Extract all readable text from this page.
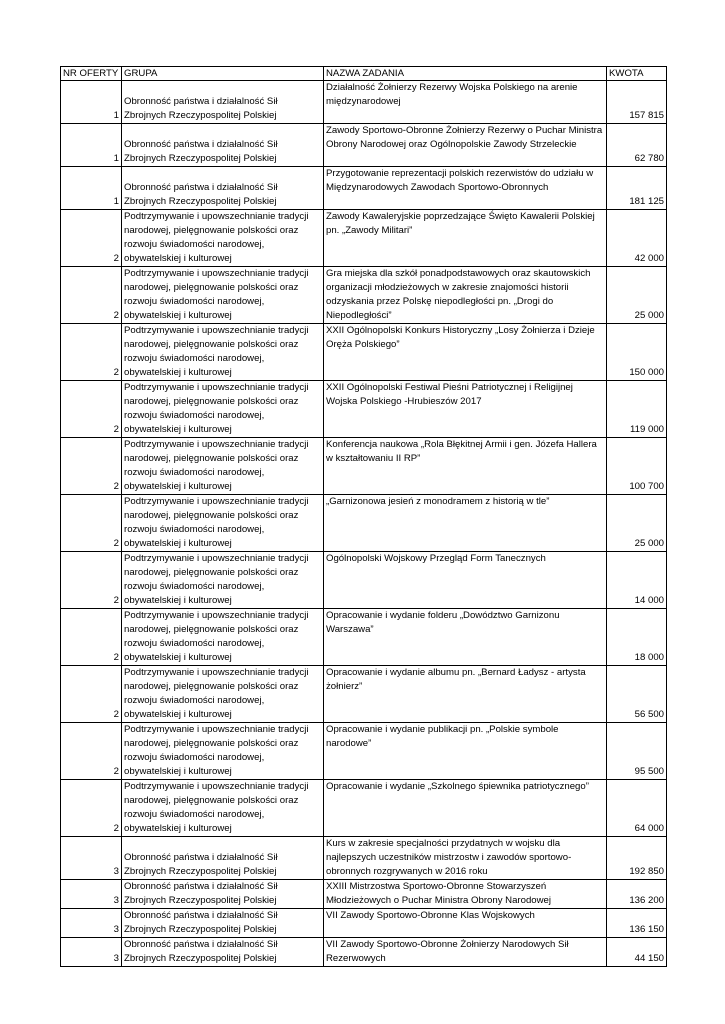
NR OFERTY	GRUPA	NAZWA ZADANIA	KWOTA

1	Obronność państwa i działalność Sił Zbrojnych Rzeczypospolitej Polskiej	Działalność Żołnierzy Rezerwy Wojska Polskiego na arenie międzynarodowej	157 815

1	Obronność państwa i działalność Sił Zbrojnych Rzeczypospolitej Polskiej	Zawody Sportowo-Obronne Żołnierzy Rezerwy o Puchar Ministra Obrony Narodowej oraz Ogólnopolskie Zawody Strzeleckie	62 780

1	Obronność państwa i działalność Sił Zbrojnych Rzeczypospolitej Polskiej	Przygotowanie reprezentacji polskich rezerwistów do udziału w Międzynarodowych Zawodach Sportowo-Obronnych	181 125

2	Podtrzymywanie i upowszechnianie tradycji narodowej, pielęgnowanie polskości oraz rozwoju świadomości narodowej, obywatelskiej i kulturowej	Zawody Kawaleryjskie poprzedzające Święto Kawalerii Polskiej pn. „Zawody Militari”	42 000

2	Podtrzymywanie i upowszechnianie tradycji narodowej, pielęgnowanie polskości oraz rozwoju świadomości narodowej, obywatelskiej i kulturowej	Gra miejska dla szkół ponadpodstawowych oraz skautowskich organizacji młodzieżowych w zakresie znajomości historii odzyskania przez Polskę niepodległości pn. „Drogi do Niepodległości”	25 000

2	Podtrzymywanie i upowszechnianie tradycji narodowej, pielęgnowanie polskości oraz rozwoju świadomości narodowej, obywatelskiej i kulturowej	XXII Ogólnopolski Konkurs Historyczny „Losy Żołnierza i Dzieje Oręża Polskiego”	150 000

2	Podtrzymywanie i upowszechnianie tradycji narodowej, pielęgnowanie polskości oraz rozwoju świadomości narodowej, obywatelskiej i kulturowej	XXII Ogólnopolski Festiwal Pieśni Patriotycznej i Religijnej Wojska Polskiego -Hrubieszów 2017	119 000

2	Podtrzymywanie i upowszechnianie tradycji narodowej, pielęgnowanie polskości oraz rozwoju świadomości narodowej, obywatelskiej i kulturowej	Konferencja naukowa „Rola Błękitnej Armii i gen. Józefa Hallera w kształtowaniu II RP”	100 700

2	Podtrzymywanie i upowszechnianie tradycji narodowej, pielęgnowanie polskości oraz rozwoju świadomości narodowej, obywatelskiej i kulturowej	„Garnizonowa jesień z monodramem z historią w tle”	25 000

2	Podtrzymywanie i upowszechnianie tradycji narodowej, pielęgnowanie polskości oraz rozwoju świadomości narodowej, obywatelskiej i kulturowej	Ogólnopolski Wojskowy Przegląd Form Tanecznych	14 000

2	Podtrzymywanie i upowszechnianie tradycji narodowej, pielęgnowanie polskości oraz rozwoju świadomości narodowej, obywatelskiej i kulturowej	Opracowanie i wydanie folderu „Dowództwo Garnizonu Warszawa”	18 000

2	Podtrzymywanie i upowszechnianie tradycji narodowej, pielęgnowanie polskości oraz rozwoju świadomości narodowej, obywatelskiej i kulturowej	Opracowanie i wydanie albumu pn. „Bernard Ładysz - artysta żołnierz”	56 500

2	Podtrzymywanie i upowszechnianie tradycji narodowej, pielęgnowanie polskości oraz rozwoju świadomości narodowej, obywatelskiej i kulturowej	Opracowanie i wydanie publikacji pn. „Polskie symbole narodowe”	95 500

2	Podtrzymywanie i upowszechnianie tradycji narodowej, pielęgnowanie polskości oraz rozwoju świadomości narodowej, obywatelskiej i kulturowej	Opracowanie i wydanie „Szkolnego śpiewnika patriotycznego”	64 000

3	Obronność państwa i działalność Sił Zbrojnych Rzeczypospolitej Polskiej	Kurs w zakresie specjalności przydatnych w wojsku dla najlepszych uczestników mistrzostw i zawodów sportowo-obronnych rozgrywanych w 2016 roku	192 850

3	Obronność państwa i działalność Sił Zbrojnych Rzeczypospolitej Polskiej	XXIII Mistrzostwa Sportowo-Obronne Stowarzyszeń Młodzieżowych o Puchar Ministra Obrony Narodowej	136 200

3	Obronność państwa i działalność Sił Zbrojnych Rzeczypospolitej Polskiej	VII Zawody Sportowo-Obronne Klas Wojskowych	136 150

3	Obronność państwa i działalność Sił Zbrojnych Rzeczypospolitej Polskiej	VII Zawody Sportowo-Obronne Żołnierzy Narodowych Sił Rezerwowych	44 150
